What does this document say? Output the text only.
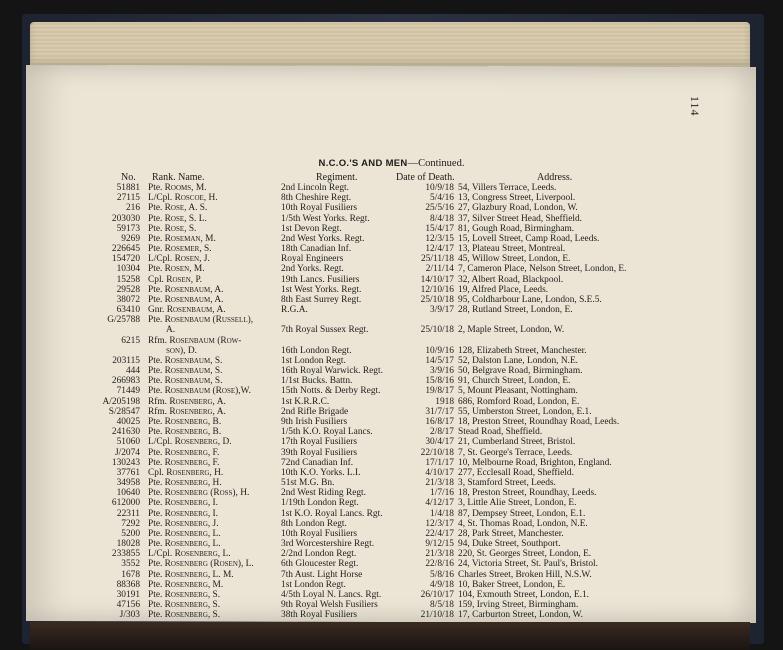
114
N.C.O.'S AND MEN—Continued.
No. Rank. Name.	Regiment.	Date of Death.	Address.
51881 Pte. Rooms, M.	2nd Lincoln Regt.	10/9/18 54, Villers Terrace, Leeds.
27115 L/Cpl. Roscoe, H.	8th Cheshire Regt.	5/4/16 13, Congress Street, Liverpool.
216 Pte. Rose, A. S.	10th Royal Fusiliers	25/5/16 27, Glazbury Road, London, W.
203030 Pte. Rose, S. L.	1/5th West Yorks. Regt.	8/4/18 37, Silver Street Head, Sheffield.
59173 Pte. Rose, S.	1st Devon Regt.	15/4/17 81, Gough Road, Birmingham.
9269 Pte. Roseman, M.	2nd West Yorks. Regt.	12/3/15 15, Lovell Street, Camp Road, Leeds.
226645 Pte. Rosemer, S.	18th Canadian Inf.	12/4/17 13, Plateau Street, Montreal.
154720 L/Cpl. Rosen, J.	Royal Engineers	25/11/18 45, Willow Street, London, E.
10304 Pte. Rosen, M.	2nd Yorks. Regt.	2/11/14 7, Cameron Place, Nelson Street, London, E.
15258 Cpl. Rosen, P.	19th Lancs. Fusiliers	14/10/17 32, Albert Road, Blackpool.
29528 Pte. Rosenbaum, A.	1st West Yorks. Regt.	12/10/16 19, Alfred Place, Leeds.
38072 Pte. Rosenbaum, A.	8th East Surrey Regt.	25/10/18 95, Coldharbour Lane, London, S.E.5.
63410 Gnr. Rosenbaum, A.	R.G.A.	3/9/17 28, Rutland Street, London, E.
G/25788 Pte. Rosenbaum (Russell),
A.	7th Royal Sussex Regt.	25/10/18 2, Maple Street, London, W.
6215 Rfm. Rosenbaum (Row-
son), D.	16th London Regt.	10/9/16 128, Elizabeth Street, Manchester.
203115 Pte. Rosenbaum, S.	1st London Regt.	14/5/17 52, Dalston Lane, London, N.E.
444 Pte. Rosenbaum, S.	16th Royal Warwick. Regt.	3/9/16 50, Belgrave Road, Birmingham.
266983 Pte. Rosenbaum, S.	1/1st Bucks. Battn.	15/8/16 91, Church Street, London, E.
71449 Pte. Rosenbaum (Rose),W.	15th Notts. & Derby Regt.	19/8/17 5, Mount Pleasant, Nottingham.
A/205198 Rfm. Rosenberg, A.	1st K.R.R.C.	1918 686, Romford Road, London, E.
S/28547 Rfm. Rosenberg, A.	2nd Rifle Brigade	31/7/17 55, Umberston Street, London, E.1.
40025 Pte. Rosenberg, B.	9th Irish Fusiliers	16/8/17 18, Preston Street, Roundhay Road, Leeds.
241630 Pte. Rosenberg, B.	1/5th K.O. Royal Lancs.	2/8/17 Stead Road, Sheffield.
51060 L/Cpl. Rosenberg, D.	17th Royal Fusiliers	30/4/17 21, Cumberland Street, Bristol.
J/2074 Pte. Rosenberg, F.	39th Royal Fusiliers	22/10/18 7, St. George's Terrace, Leeds.
130243 Pte. Rosenberg, F.	72nd Canadian Inf.	17/1/17 10, Melbourne Road, Brighton, England.
37761 Cpl. Rosenberg, H.	10th K.O. Yorks. L.I.	4/10/17 277, Ecclesall Road, Sheffield.
34958 Pte. Rosenberg, H.	51st M.G. Bn.	21/3/18 3, Stamford Street, Leeds.
10640 Pte. Rosenberg (Ross), H.	2nd West Riding Regt.	1/7/16 18, Preston Street, Roundhay, Leeds.
612000 Pte. Rosenberg, I.	1/19th London Regt.	4/12/17 3, Little Alie Street, London, E.
22311 Pte. Rosenberg, I.	1st K.O. Royal Lancs. Rgt.	1/4/18 87, Dempsey Street, London, E.1.
7292 Pte. Rosenberg, J.	8th London Regt.	12/3/17 4, St. Thomas Road, London, N.E.
5200 Pte. Rosenberg, L.	10th Royal Fusiliers	22/4/17 28, Park Street, Manchester.
18028 Pte. Rosenberg, L.	3rd Worcestershire Regt.	9/12/15 94, Duke Street, Southport.
233855 L/Cpl. Rosenberg, L.	2/2nd London Regt.	21/3/18 220, St. Georges Street, London, E.
3552 Pte. Rosenberg (Rosen), L.	6th Gloucester Regt.	22/8/16 24, Victoria Street, St. Paul's, Bristol.
1678 Pte. Rosenberg, L. M.	7th Aust. Light Horse	5/8/16 Charles Street, Broken Hill, N.S.W.
88368 Pte. Rosenberg, M.	1st London Regt.	4/9/18 10, Baker Street, London, E.
30191 Pte. Rosenberg, S.	4/5th Loyal N. Lancs. Rgt.	26/10/17 104, Exmouth Street, London, E.1.
47156 Pte. Rosenberg, S.	9th Royal Welsh Fusiliers	8/5/18 159, Irving Street, Birmingham.
J/303 Pte. Rosenberg, S.	38th Royal Fusiliers	21/10/18 17, Carburton Street, London, W.
